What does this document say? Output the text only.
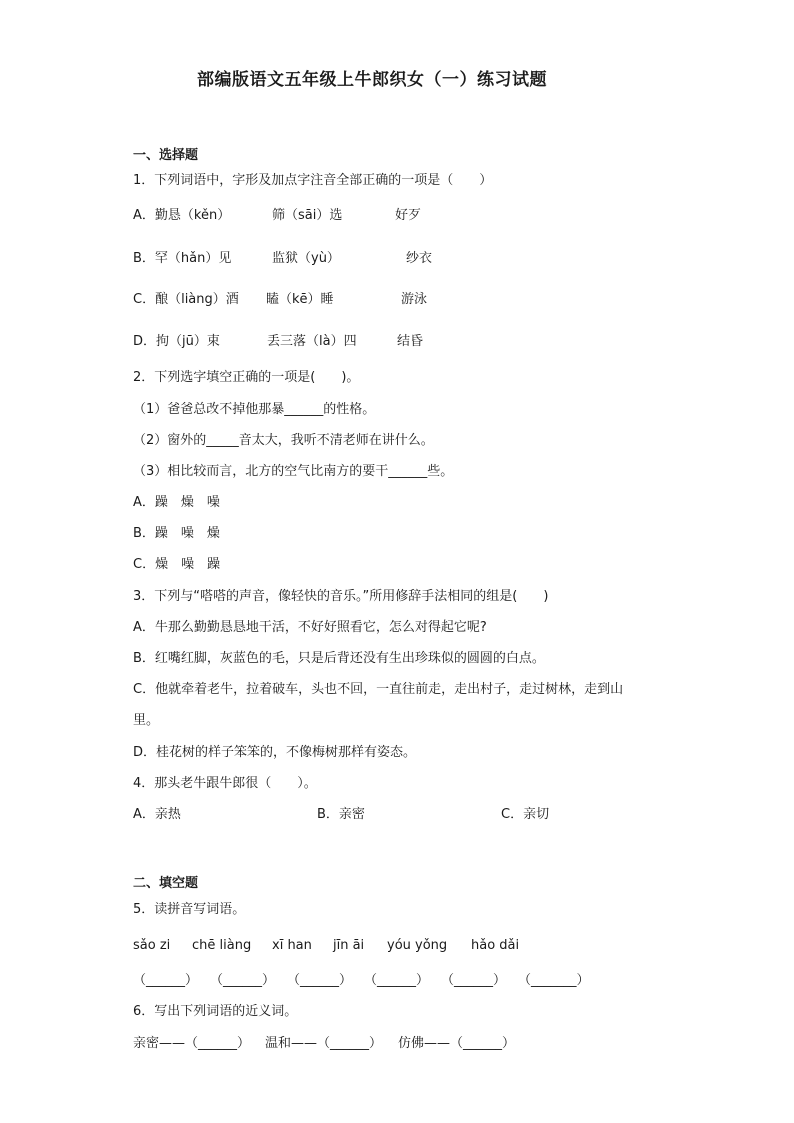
部编版语文五年级上牛郎织女（一）练习试题
一、选择题
1．下列词语中，字形及加点字注音全部正确的一项是（　　）
A．勤恳（kěn）	筛（sāi）选	好歹
B．罕（hǎn）见	监狱（yù）	纱衣
C．酿（liàng）酒 瞌（kē）睡	游泳
D．拘（jū）束	丢三落（là）四	结昏
2．下列选字填空正确的一项是(　　)。
（1）爸爸总改不掉他那暴______的性格。
（2）窗外的_____音太大，我听不清老师在讲什么。
（3）相比较而言，北方的空气比南方的要干______些。
A．躁　燥　噪
B．躁　噪　燥
C．燥　噪　躁
3．下列与“嗒嗒的声音，像轻快的音乐。”所用修辞手法相同的组是(　　)
A．牛那么勤勤恳恳地干活，不好好照看它，怎么对得起它呢?
B．红嘴红脚，灰蓝色的毛，只是后背还没有生出珍珠似的圆圆的白点。
C．他就牵着老牛，拉着破车，头也不回，一直往前走，走出村子，走过树林，走到山
里。
D．桂花树的样子笨笨的，不像梅树那样有姿态。
4．那头老牛跟牛郎很（　　）。
A．亲热	B．亲密	C．亲切
二、填空题
5．读拼音写词语。
sǎo zi chē liàng xī han jīn āi yóu yǒng hǎo dǎi
（______） （______） （______） （______） （______） （_______）
6．写出下列词语的近义词。
亲密——（______） 温和——（______） 仿佛——（______）
